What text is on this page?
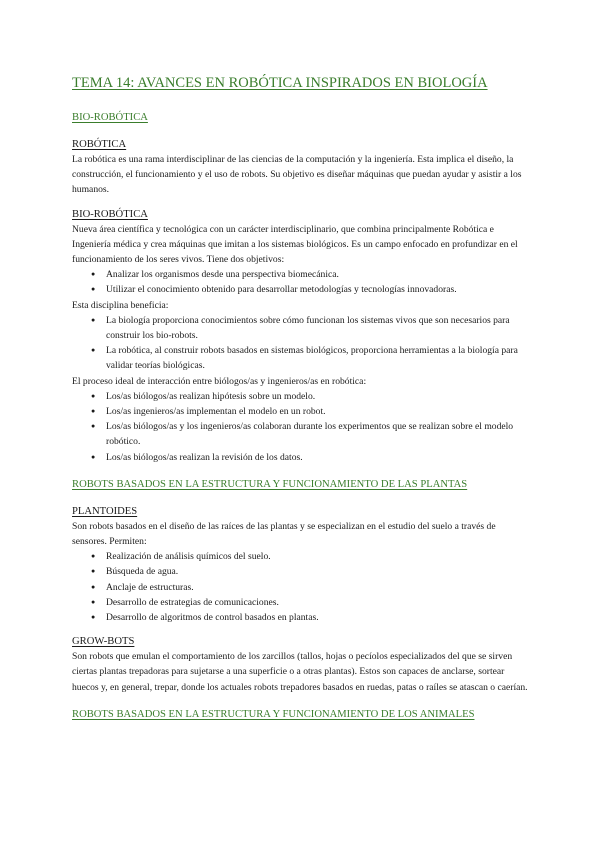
TEMA 14: AVANCES EN ROBÓTICA INSPIRADOS EN BIOLOGÍA
BIO-ROBÓTICA
ROBÓTICA

La robótica es una rama interdisciplinar de las ciencias de la computación y la ingeniería. Esta implica el diseño, la construcción, el funcionamiento y el uso de robots. Su objetivo es diseñar máquinas que puedan ayudar y asistir a los humanos.

BIO-ROBÓTICA

Nueva área científica y tecnológica con un carácter interdisciplinario, que combina principalmente Robótica e Ingeniería médica y crea máquinas que imitan a los sistemas biológicos. Es un campo enfocado en profundizar en el funcionamiento de los seres vivos. Tiene dos objetivos:

● Analizar los organismos desde una perspectiva biomecánica.
● Utilizar el conocimiento obtenido para desarrollar metodologías y tecnologías innovadoras.

Esta disciplina beneficia:

● La biología proporciona conocimientos sobre cómo funcionan los sistemas vivos que son necesarios para construir los bio-robots.
● La robótica, al construir robots basados en sistemas biológicos, proporciona herramientas a la biología para validar teorías biológicas.

El proceso ideal de interacción entre biólogos/as y ingenieros/as en robótica:

● Los/as biólogos/as realizan hipótesis sobre un modelo.
● Los/as ingenieros/as implementan el modelo en un robot.
● Los/as biólogos/as y los ingenieros/as colaboran durante los experimentos que se realizan sobre el modelo robótico.
● Los/as biólogos/as realizan la revisión de los datos.
ROBOTS BASADOS EN LA ESTRUCTURA Y FUNCIONAMIENTO DE LAS PLANTAS
PLANTOIDES

Son robots basados en el diseño de las raíces de las plantas y se especializan en el estudio del suelo a través de sensores. Permiten:

● Realización de análisis químicos del suelo.
● Búsqueda de agua.
● Anclaje de estructuras.
● Desarrollo de estrategias de comunicaciones.
● Desarrollo de algoritmos de control basados en plantas.
GROW-BOTS

Son robots que emulan el comportamiento de los zarcillos (tallos, hojas o pecíolos especializados del que se sirven ciertas plantas trepadoras para sujetarse a una superficie o a otras plantas). Estos son capaces de anclarse, sortear huecos y, en general, trepar, donde los actuales robots trepadores basados en ruedas, patas o raíles se atascan o caerían.

ROBOTS BASADOS EN LA ESTRUCTURA Y FUNCIONAMIENTO DE LOS ANIMALES
